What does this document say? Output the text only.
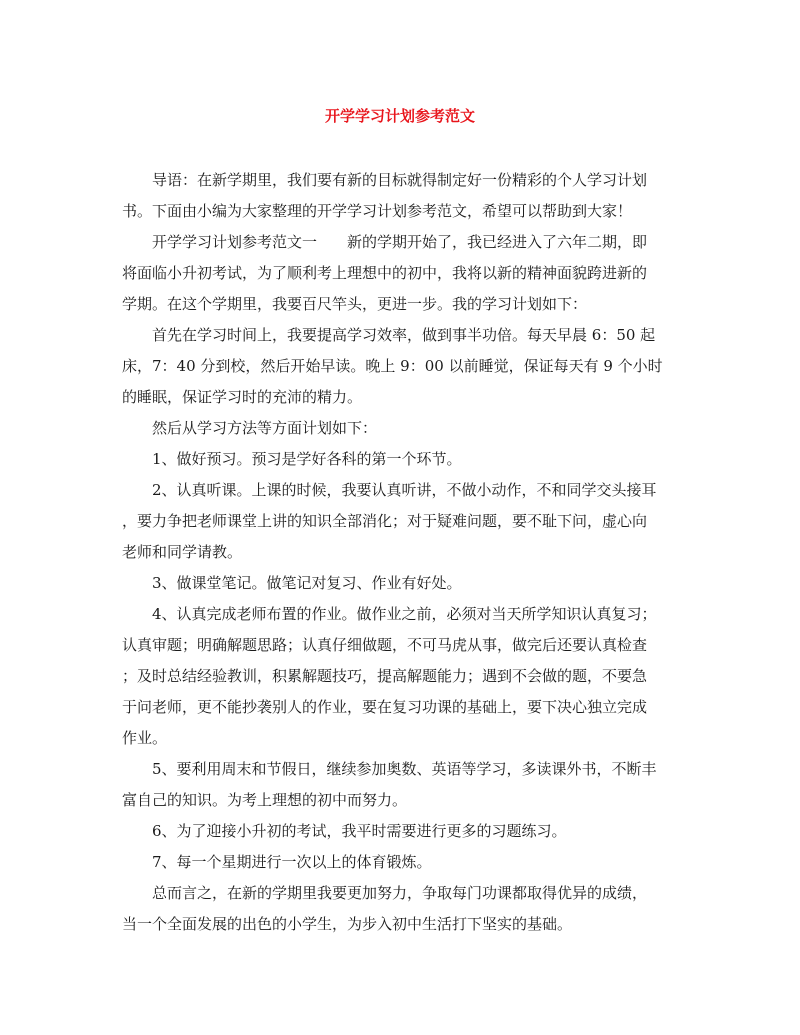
开学学习计划参考范文
导语：在新学期里，我们要有新的目标就得制定好一份精彩的个人学习计划
书。下面由小编为大家整理的开学学习计划参考范文，希望可以帮助到大家！
开学学习计划参考范文一　　新的学期开始了，我已经进入了六年二期，即
将面临小升初考试，为了顺利考上理想中的初中，我将以新的精神面貌跨进新的
学期。在这个学期里，我要百尺竿头，更进一步。我的学习计划如下：
首先在学习时间上，我要提高学习效率，做到事半功倍。每天早晨 6：50 起
床，7：40 分到校，然后开始早读。晚上 9：00 以前睡觉，保证每天有 9 个小时
的睡眠，保证学习时的充沛的精力。
然后从学习方法等方面计划如下：
1、做好预习。预习是学好各科的第一个环节。
2、认真听课。上课的时候，我要认真听讲，不做小动作，不和同学交头接耳
，要力争把老师课堂上讲的知识全部消化；对于疑难问题，要不耻下问，虚心向
老师和同学请教。
3、做课堂笔记。做笔记对复习、作业有好处。
4、认真完成老师布置的作业。做作业之前，必须对当天所学知识认真复习；
认真审题；明确解题思路；认真仔细做题，不可马虎从事，做完后还要认真检查
；及时总结经验教训，积累解题技巧，提高解题能力；遇到不会做的题，不要急
于问老师，更不能抄袭别人的作业，要在复习功课的基础上，要下决心独立完成
作业。
5、要利用周末和节假日，继续参加奥数、英语等学习，多读课外书，不断丰
富自己的知识。为考上理想的初中而努力。
6、为了迎接小升初的考试，我平时需要进行更多的习题练习。
7、每一个星期进行一次以上的体育锻炼。
总而言之，在新的学期里我要更加努力，争取每门功课都取得优异的成绩，
当一个全面发展的出色的小学生，为步入初中生活打下坚实的基础。
